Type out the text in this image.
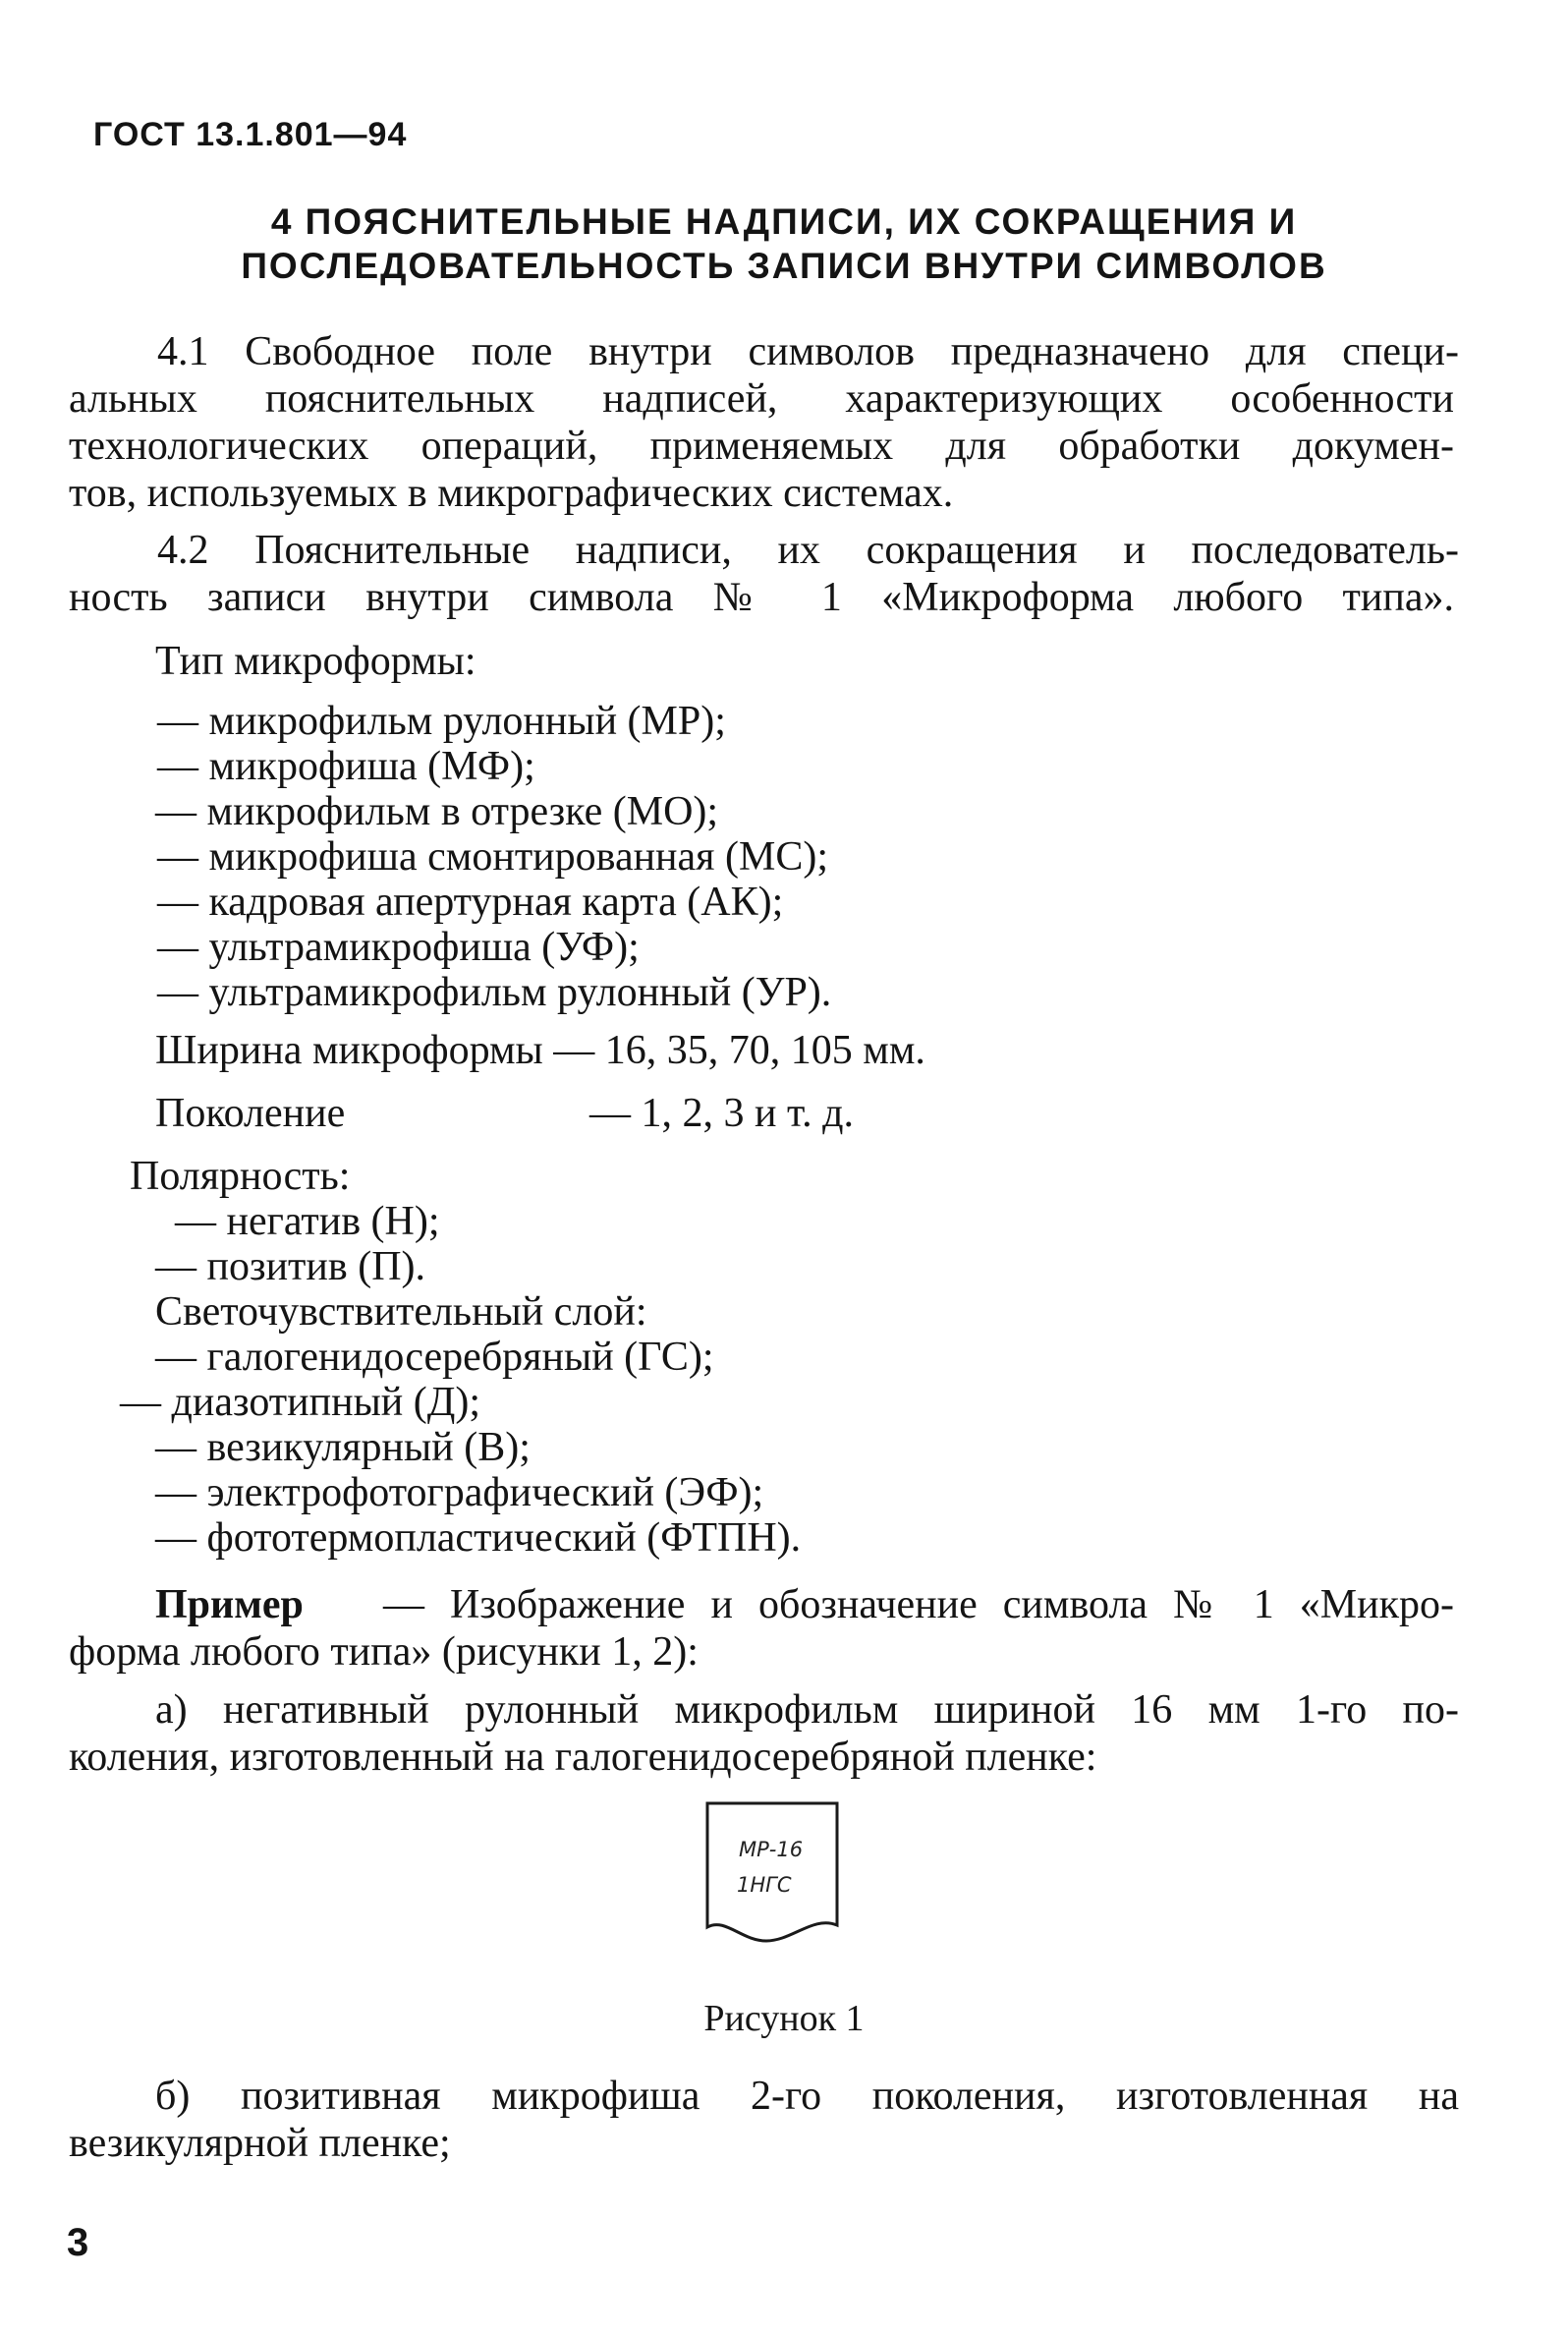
ГОСТ 13.1.801—94
4 ПОЯСНИТЕЛЬНЫЕ НАДПИСИ, ИХ СОКРАЩЕНИЯ И
ПОСЛЕДОВАТЕЛЬНОСТЬ ЗАПИСИ ВНУТРИ СИМВОЛОВ
4.1 Свободное поле внутри символов предназначено для специ-
альных пояснительных надписей, характеризующих особенности
технологических операций, применяемых для обработки докумен-
тов, используемых в микрографических системах.
4.2 Пояснительные надписи, их сокращения и последователь-
ность записи внутри символа № 1 «Микроформа любого типа».
Тип микроформы:
— микрофильм рулонный (МР);
— микрофиша (МФ);
— микрофильм в отрезке (МО);
— микрофиша смонтированная (МС);
— кадровая апертурная карта (АК);
— ультрамикрофиша (УФ);
— ультрамикрофильм рулонный (УР).
Ширина микроформы — 16, 35, 70, 105 мм.
Поколение	— 1, 2, 3 и т. д.
Полярность:
— негатив (Н);
— позитив (П).
Светочувствительный слой:
— галогенидосеребряный (ГС);
— диазотипный (Д);
— везикулярный (В);
— электрофотографический (ЭФ);
— фототермопластический (ФТПН).
Пример — Изображение и обозначение символа № 1 «Микро-
форма любого типа» (рисунки 1, 2):
а) негативный рулонный микрофильм шириной 16 мм 1-го по-
коления, изготовленный на галогенидосеребряной пленке:
МР-16
1НГС
Рисунок 1
б) позитивная микрофиша 2-го поколения, изготовленная на
везикулярной пленке;
3
